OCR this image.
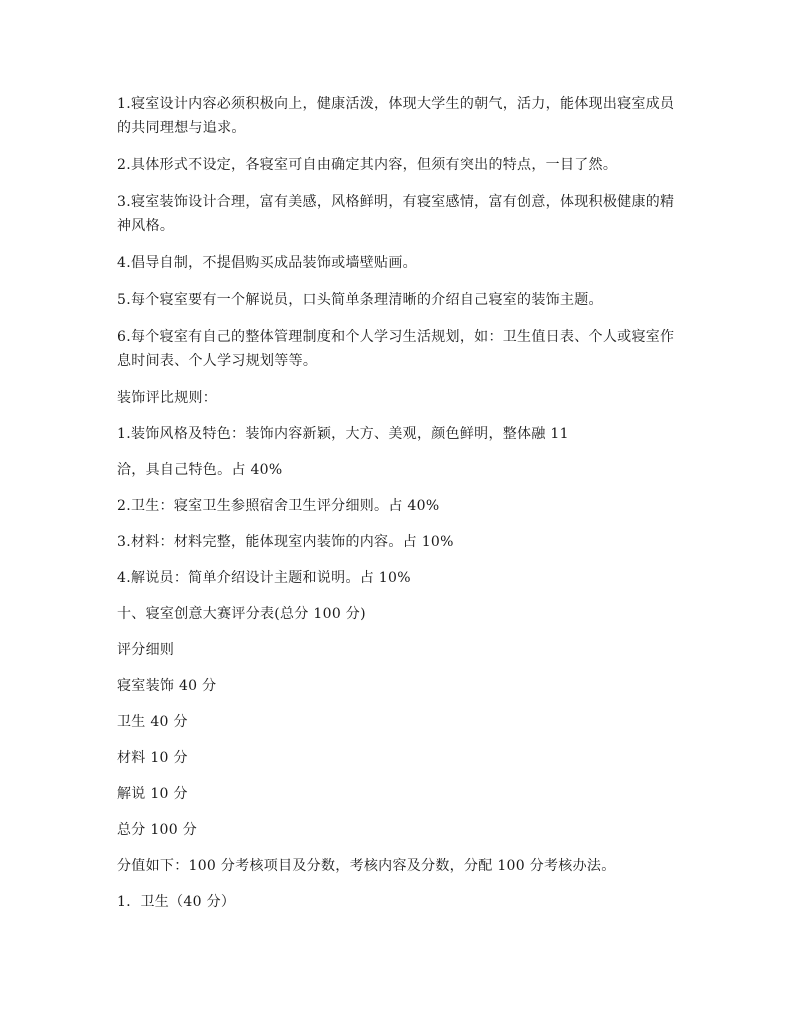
1.寝室设计内容必须积极向上，健康活泼，体现大学生的朝气，活力，能体现出寝室成员的共同理想与追求。

2.具体形式不设定，各寝室可自由确定其内容，但须有突出的特点，一目了然。

3.寝室装饰设计合理，富有美感，风格鲜明，有寝室感情，富有创意，体现积极健康的精神风格。

4.倡导自制，不提倡购买成品装饰或墙壁贴画。

5.每个寝室要有一个解说员，口头简单条理清晰的介绍自己寝室的装饰主题。

6.每个寝室有自己的整体管理制度和个人学习生活规划，如：卫生值日表、个人或寝室作息时间表、个人学习规划等等。

装饰评比规则：

1.装饰风格及特色：装饰内容新颖，大方、美观，颜色鲜明，整体融 11

洽，具自己特色。占 40%

2.卫生：寝室卫生参照宿舍卫生评分细则。占 40%

3.材料：材料完整，能体现室内装饰的内容。占 10%

4.解说员：简单介绍设计主题和说明。占 10%

十、寝室创意大赛评分表(总分 100 分)

评分细则

寝室装饰 40 分

卫生 40 分

材料 10 分

解说 10 分

总分 100 分

分值如下：100 分考核项目及分数，考核内容及分数，分配 100 分考核办法。

1．卫生（40 分）
